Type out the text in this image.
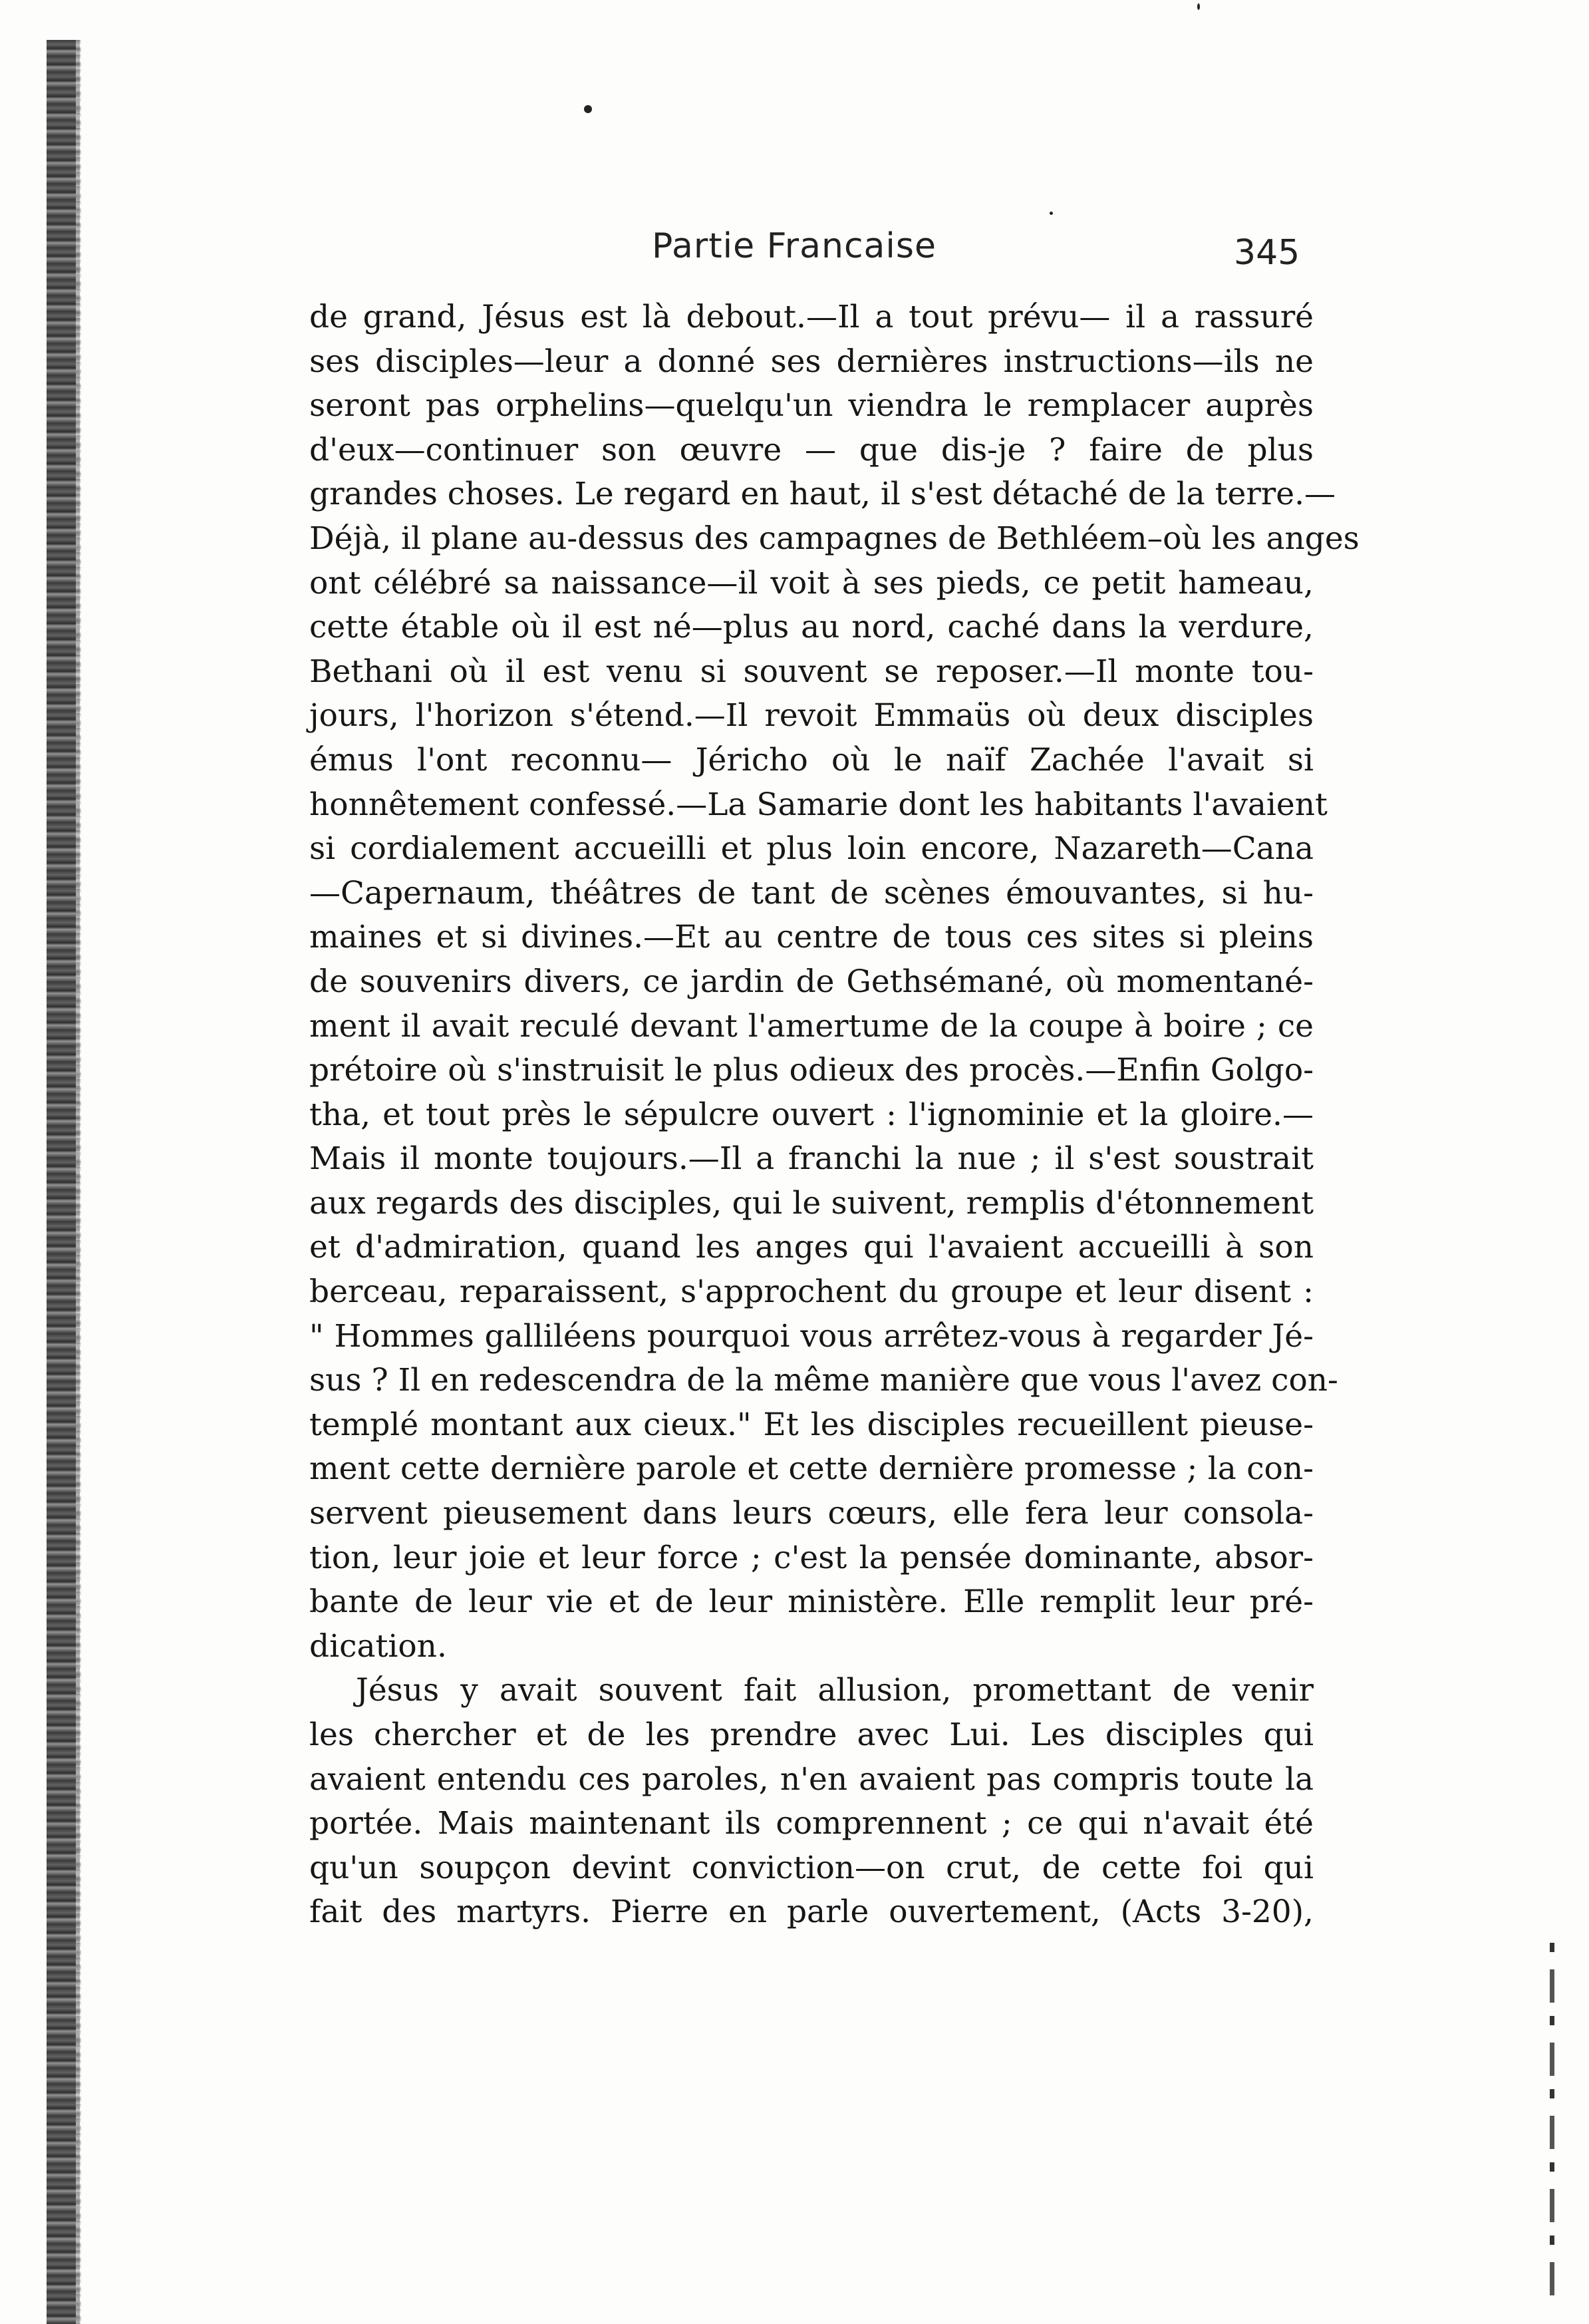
Partie Francaise	345
de grand, Jésus est là debout.—Il a tout prévu— il a rassuré
ses disciples—leur a donné ses dernières instructions—ils ne
seront pas orphelins—quelqu'un viendra le remplacer auprès
d'eux—continuer son œuvre — que dis-je ? faire de plus
grandes choses. Le regard en haut, il s'est détaché de la terre.—
Déjà, il plane au-dessus des campagnes de Bethléem–où les anges
ont célébré sa naissance—il voit à ses pieds, ce petit hameau,
cette étable où il est né—plus au nord, caché dans la verdure,
Bethani où il est venu si souvent se reposer.—Il monte tou-
jours, l'horizon s'étend.—Il revoit Emmaüs où deux disciples
émus l'ont reconnu— Jéricho où le naïf Zachée l'avait si
honnêtement confessé.—La Samarie dont les habitants l'avaient
si cordialement accueilli et plus loin encore, Nazareth—Cana
—Capernaum, théâtres de tant de scènes émouvantes, si hu-
maines et si divines.—Et au centre de tous ces sites si pleins
de souvenirs divers, ce jardin de Gethsémané, où momentané-
ment il avait reculé devant l'amertume de la coupe à boire ; ce
prétoire où s'instruisit le plus odieux des procès.—Enfin Golgo-
tha, et tout près le sépulcre ouvert : l'ignominie et la gloire.—
Mais il monte toujours.—Il a franchi la nue ; il s'est soustrait
aux regards des disciples, qui le suivent, remplis d'étonnement
et d'admiration, quand les anges qui l'avaient accueilli à son
berceau, reparaissent, s'approchent du groupe et leur disent :
" Hommes galliléens pourquoi vous arrêtez-vous à regarder Jé-
sus ? Il en redescendra de la même manière que vous l'avez con-
templé montant aux cieux." Et les disciples recueillent pieuse-
ment cette dernière parole et cette dernière promesse ; la con-
servent pieusement dans leurs cœurs, elle fera leur consola-
tion, leur joie et leur force ; c'est la pensée dominante, absor-
bante de leur vie et de leur ministère. Elle remplit leur pré-
dication.
Jésus y avait souvent fait allusion, promettant de venir
les chercher et de les prendre avec Lui. Les disciples qui
avaient entendu ces paroles, n'en avaient pas compris toute la
portée. Mais maintenant ils comprennent ; ce qui n'avait été
qu'un soupçon devint conviction—on crut, de cette foi qui
fait des martyrs. Pierre en parle ouvertement, (Acts 3-20),
